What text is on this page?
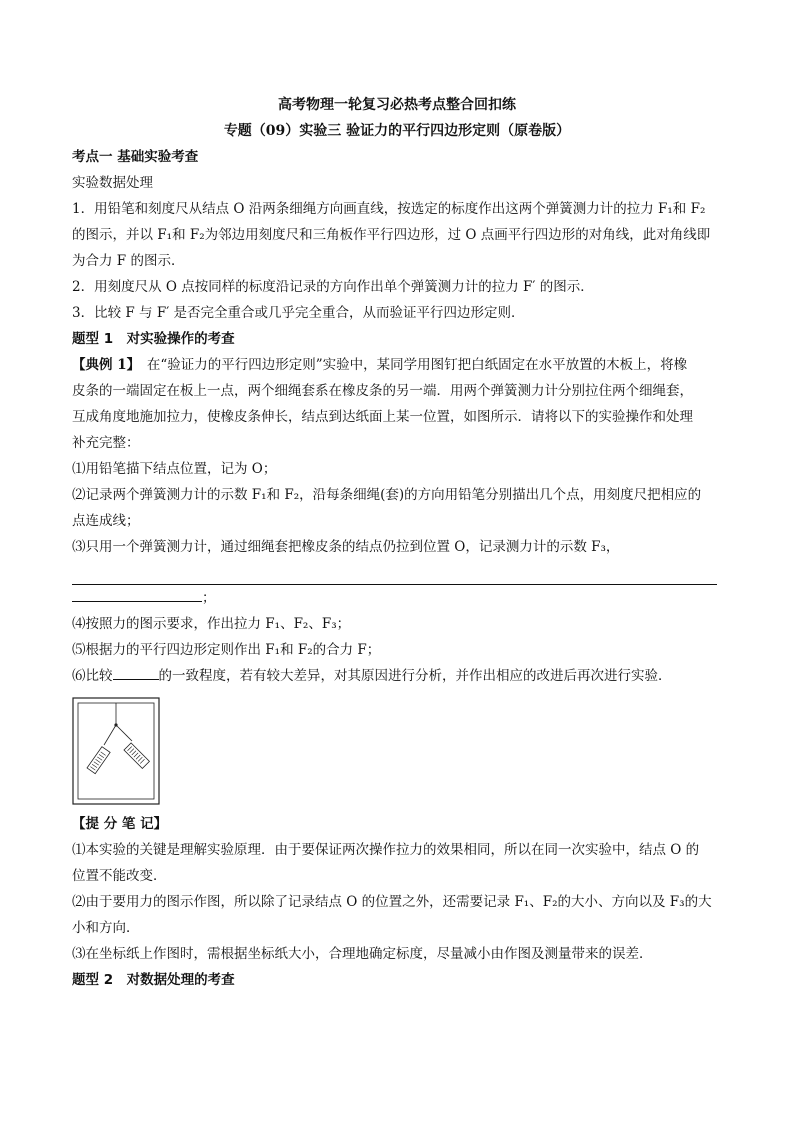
高考物理一轮复习必热考点整合回扣练
专题（09）实验三 验证力的平行四边形定则（原卷版）

考点一 基础实验考查

实验数据处理

1．用铅笔和刻度尺从结点 O 沿两条细绳方向画直线，按选定的标度作出这两个弹簧测力计的拉力 F₁和 F₂

的图示，并以 F₁和 F₂为邻边用刻度尺和三角板作平行四边形，过 O 点画平行四边形的对角线，此对角线即

为合力 F 的图示．

2．用刻度尺从 O 点按同样的标度沿记录的方向作出单个弹簧测力计的拉力 F′ 的图示．

3．比较 F 与 F′ 是否完全重合或几乎完全重合，从而验证平行四边形定则．

题型 1　对实验操作的考查

【典例 1】　在“验证力的平行四边形定则”实验中，某同学用图钉把白纸固定在水平放置的木板上，将橡

皮条的一端固定在板上一点，两个细绳套系在橡皮条的另一端．用两个弹簧测力计分别拉住两个细绳套，

互成角度地施加拉力，使橡皮条伸长，结点到达纸面上某一位置，如图所示．请将以下的实验操作和处理

补充完整：

⑴用铅笔描下结点位置，记为 O；

⑵记录两个弹簧测力计的示数 F₁和 F₂，沿每条细绳(套)的方向用铅笔分别描出几个点，用刻度尺把相应的

点连成线；

⑶只用一个弹簧测力计，通过细绳套把橡皮条的结点仍拉到位置 O，记录测力计的示数 F₃，

；

⑷按照力的图示要求，作出拉力 F₁、F₂、F₃；

⑸根据力的平行四边形定则作出 F₁和 F₂的合力 F；

⑹比较	的一致程度，若有较大差异，对其原因进行分析，并作出相应的改进后再次进行实验．

【提 分 笔 记】

⑴本实验的关键是理解实验原理．由于要保证两次操作拉力的效果相同，所以在同一次实验中，结点 O 的

位置不能改变．

⑵由于要用力的图示作图，所以除了记录结点 O 的位置之外，还需要记录 F₁、F₂的大小、方向以及 F₃的大

小和方向．

⑶在坐标纸上作图时，需根据坐标纸大小，合理地确定标度，尽量减小由作图及测量带来的误差．

题型 2　对数据处理的考查
